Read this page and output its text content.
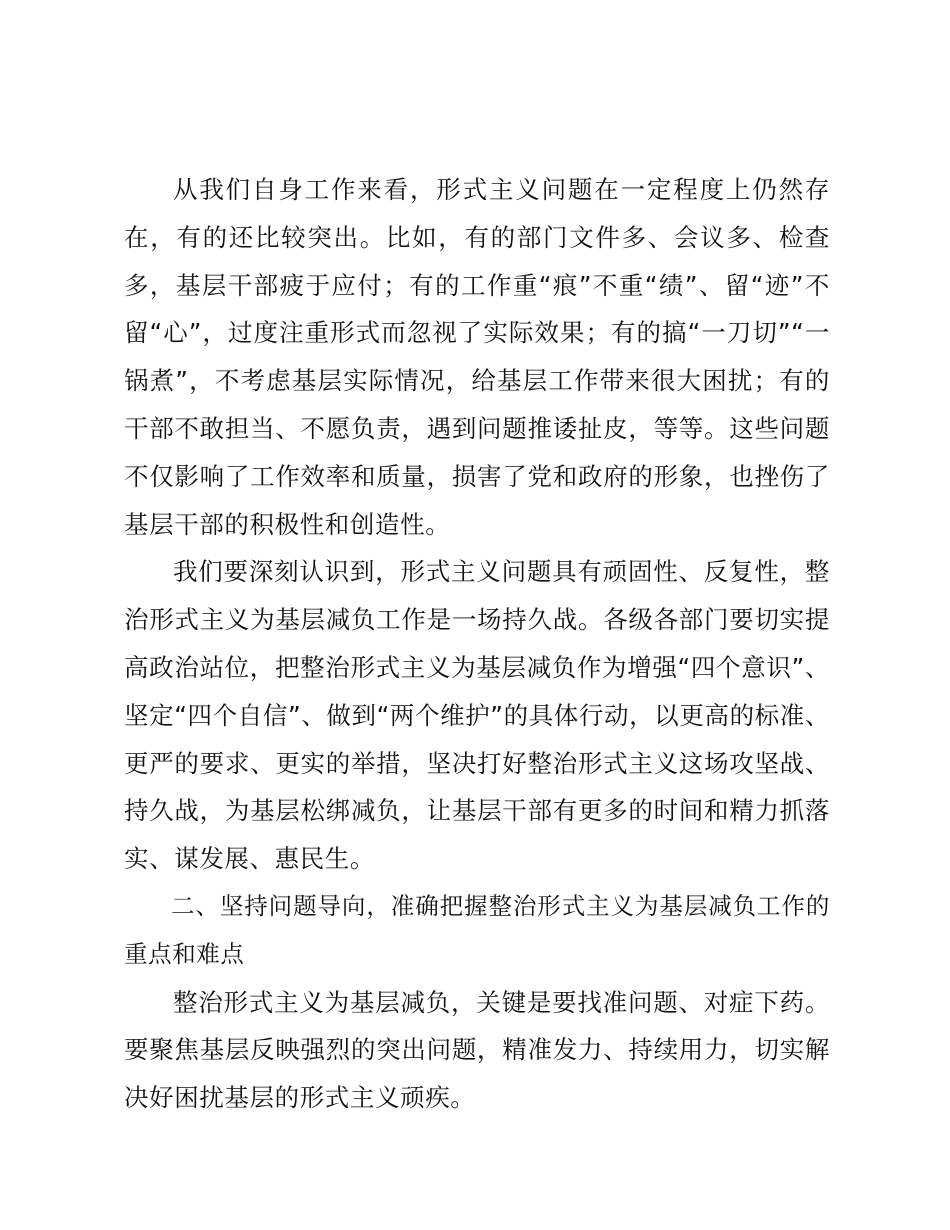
从我们自身工作来看，形式主义问题在一定程度上仍然存在，有的还比较突出。比如，有的部门文件多、会议多、检查多，基层干部疲于应付；有的工作重“痕”不重“绩”、留“迹”不留“心”，过度注重形式而忽视了实际效果；有的搞“一刀切”“一锅煮”，不考虑基层实际情况，给基层工作带来很大困扰；有的干部不敢担当、不愿负责，遇到问题推诿扯皮，等等。这些问题不仅影响了工作效率和质量，损害了党和政府的形象，也挫伤了基层干部的积极性和创造性。

我们要深刻认识到，形式主义问题具有顽固性、反复性，整治形式主义为基层减负工作是一场持久战。各级各部门要切实提高政治站位，把整治形式主义为基层减负作为增强“四个意识”、坚定“四个自信”、做到“两个维护”的具体行动，以更高的标准、更严的要求、更实的举措，坚决打好整治形式主义这场攻坚战、持久战，为基层松绑减负，让基层干部有更多的时间和精力抓落实、谋发展、惠民生。

二、坚持问题导向，准确把握整治形式主义为基层减负工作的重点和难点

整治形式主义为基层减负，关键是要找准问题、对症下药。要聚焦基层反映强烈的突出问题，精准发力、持续用力，切实解决好困扰基层的形式主义顽疾。
